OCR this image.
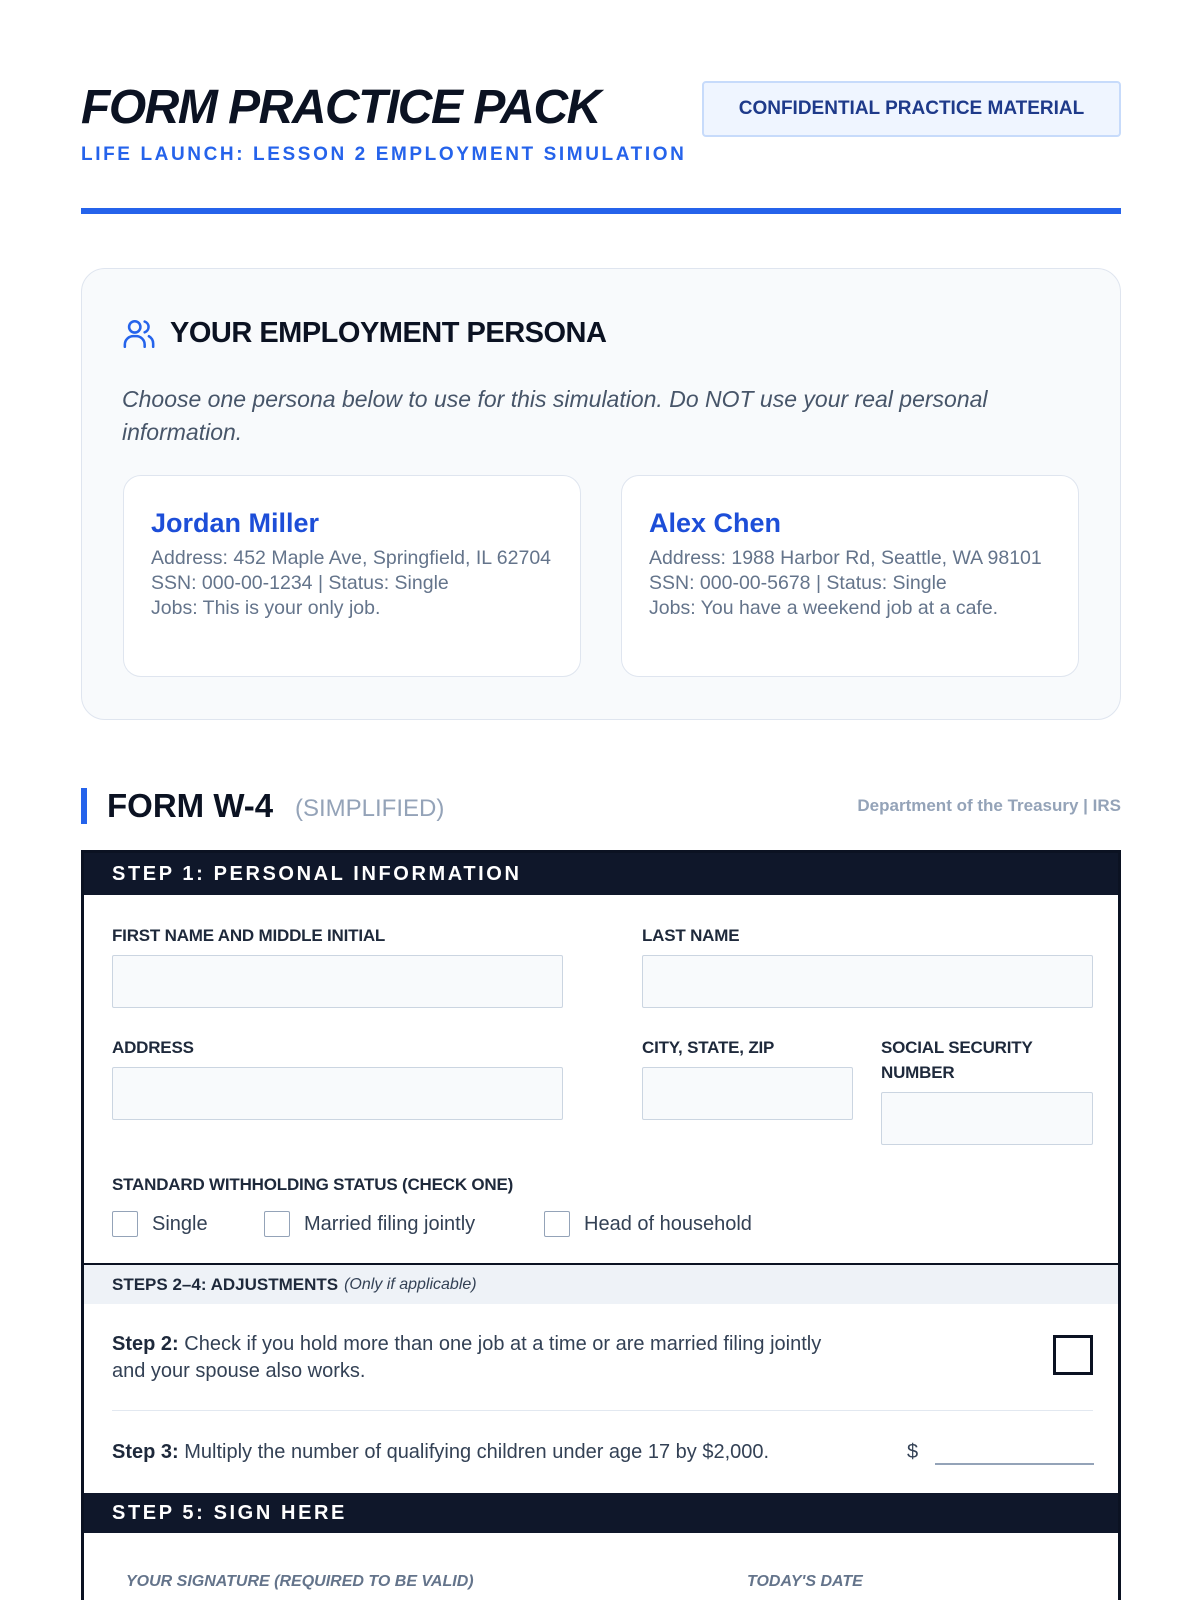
FORM PRACTICE PACK
LIFE LAUNCH: LESSON 2 EMPLOYMENT SIMULATION
CONFIDENTIAL PRACTICE MATERIAL
YOUR EMPLOYMENT PERSONA
Choose one persona below to use for this simulation. Do NOT use your real personal information.
Jordan Miller
Address: 452 Maple Ave, Springfield, IL 62704
SSN: 000-00-1234 | Status: Single
Jobs: This is your only job.
Alex Chen
Address: 1988 Harbor Rd, Seattle, WA 98101
SSN: 000-00-5678 | Status: Single
Jobs: You have a weekend job at a cafe.
FORM W-4 (SIMPLIFIED)	Department of the Treasury | IRS
STEP 1: PERSONAL INFORMATION
FIRST NAME AND MIDDLE INITIAL	LAST NAME
ADDRESS	CITY, STATE, ZIP	SOCIAL SECURITY
NUMBER
STANDARD WITHHOLDING STATUS (CHECK ONE)
Single	Married filing jointly	Head of household
STEPS 2–4: ADJUSTMENTS (Only if applicable)
Step 2: Check if you hold more than one job at a time or are married filing jointly and your spouse also works.
Step 3: Multiply the number of qualifying children under age 17 by $2,000.	$
STEP 5: SIGN HERE
YOUR SIGNATURE (REQUIRED TO BE VALID)	TODAY'S DATE
